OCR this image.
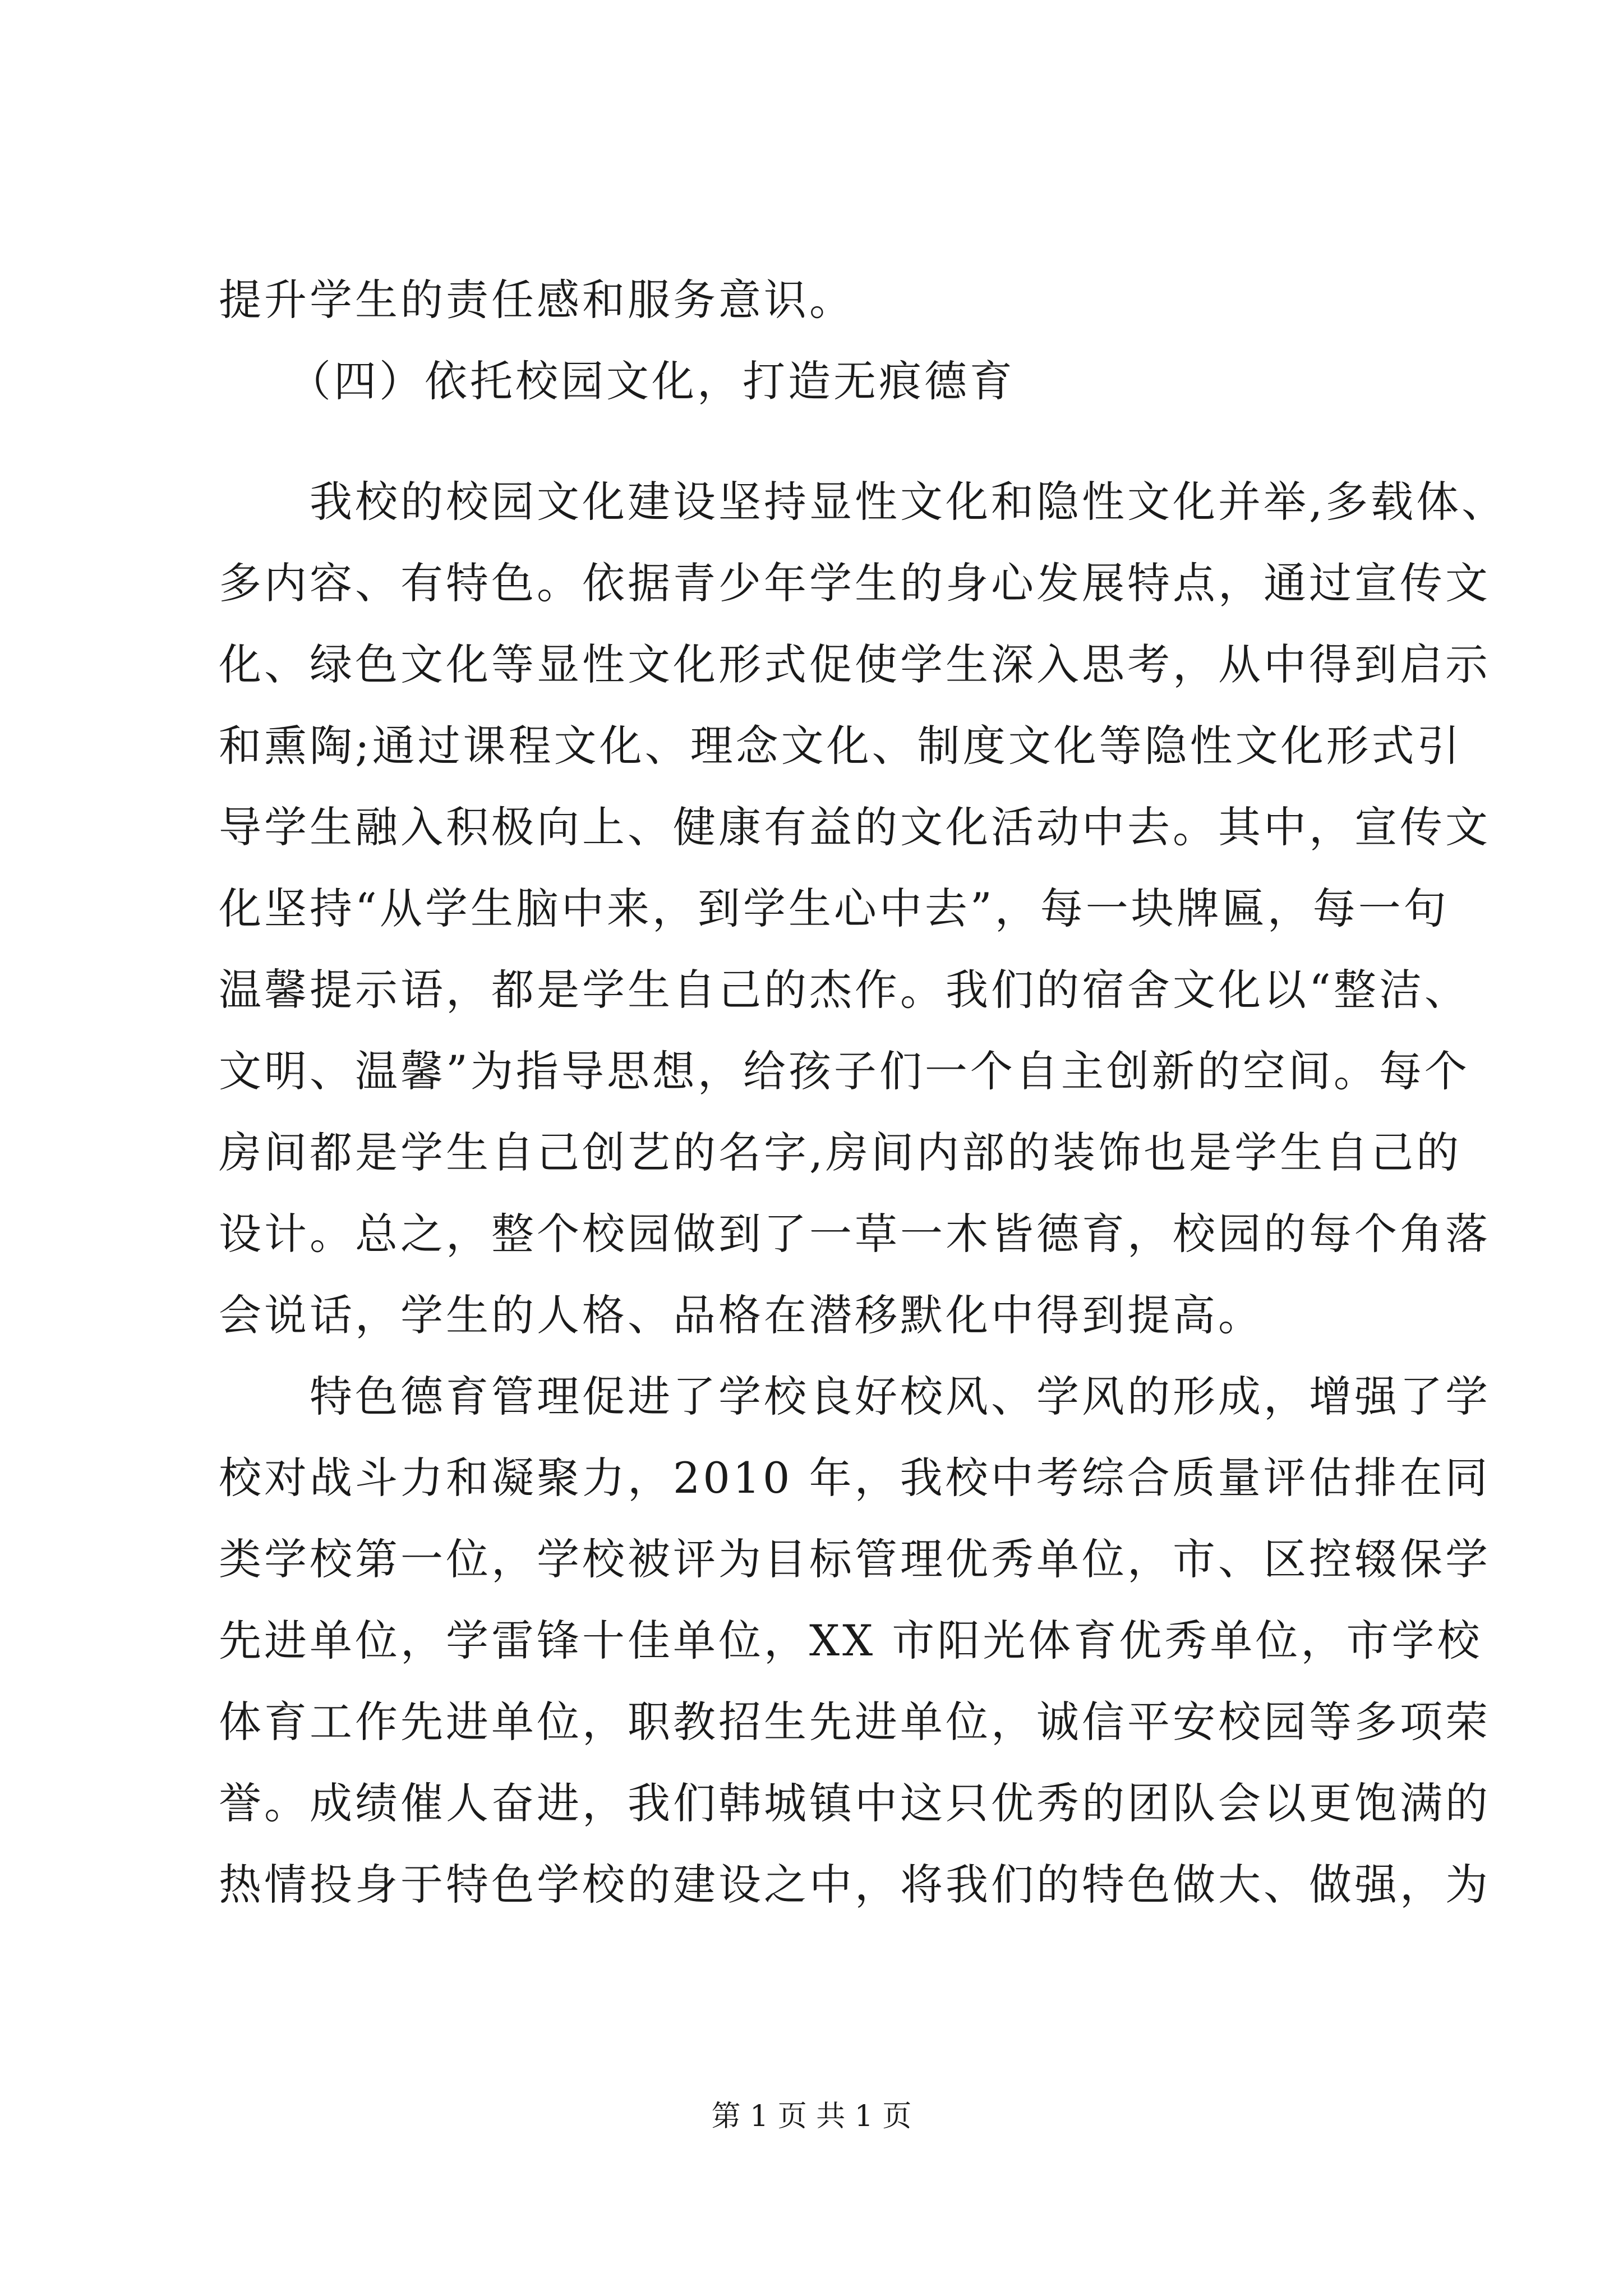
提升学生的责任感和服务意识。
　　（四）依托校园文化，打造无痕德育
　　我校的校园文化建设坚持显性文化和隐性文化并举,多载体、
多内容、有特色。依据青少年学生的身心发展特点，通过宣传文
化、绿色文化等显性文化形式促使学生深入思考，从中得到启示
和熏陶;通过课程文化、理念文化、制度文化等隐性文化形式引
导学生融入积极向上、健康有益的文化活动中去。其中，宣传文
化坚持“从学生脑中来，到学生心中去”，每一块牌匾，每一句
温馨提示语，都是学生自己的杰作。我们的宿舍文化以“整洁、
文明、温馨”为指导思想，给孩子们一个自主创新的空间。每个
房间都是学生自己创艺的名字,房间内部的装饰也是学生自己的
设计。总之，整个校园做到了一草一木皆德育，校园的每个角落
会说话，学生的人格、品格在潜移默化中得到提高。
　　特色德育管理促进了学校良好校风、学风的形成，增强了学
校对战斗力和凝聚力，2010 年，我校中考综合质量评估排在同
类学校第一位，学校被评为目标管理优秀单位，市、区控辍保学
先进单位，学雷锋十佳单位，XX 市阳光体育优秀单位，市学校
体育工作先进单位，职教招生先进单位，诚信平安校园等多项荣
誉。成绩催人奋进，我们韩城镇中这只优秀的团队会以更饱满的
热情投身于特色学校的建设之中，将我们的特色做大、做强，为
第 1 页 共 1 页
